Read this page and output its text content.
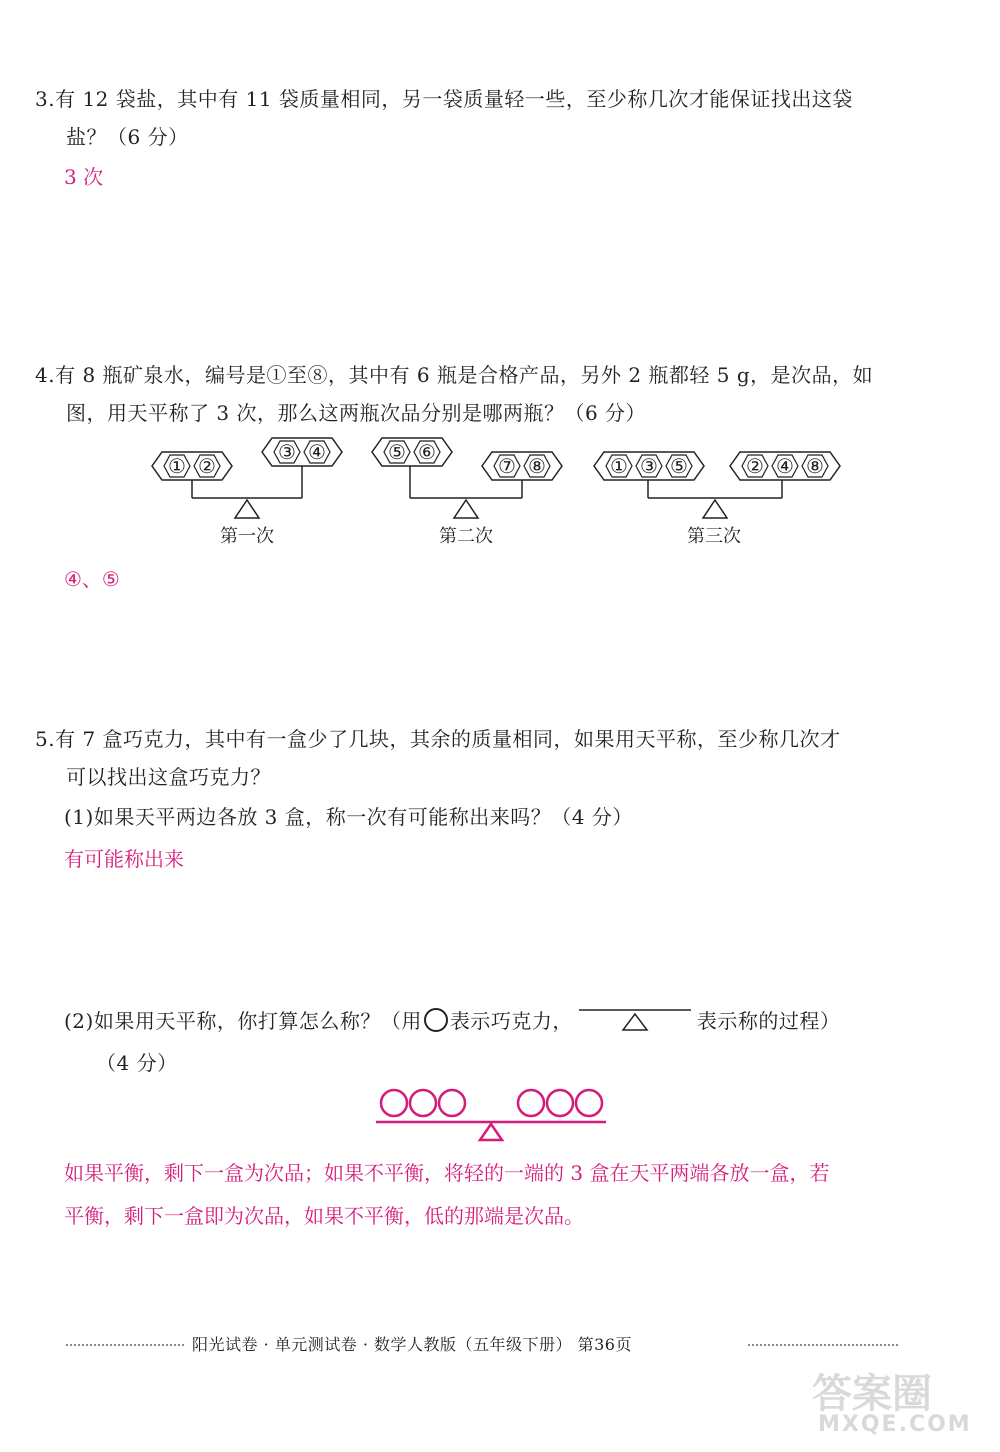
3.有 12 袋盐，其中有 11 袋质量相同，另一袋质量轻一些，至少称几次才能保证找出这袋
盐？（6 分）
3 次
4.有 8 瓶矿泉水，编号是①至⑧，其中有 6 瓶是合格产品，另外 2 瓶都轻 5 g，是次品，如
图，用天平称了 3 次，那么这两瓶次品分别是哪两瓶？（6 分）
① ②
③ ④	⑤ ⑥
⑦ ⑧	① ③ ⑤	② ④ ⑧
第一次	第二次	第三次
④、⑤
5.有 7 盒巧克力，其中有一盒少了几块，其余的质量相同，如果用天平称，至少称几次才
可以找出这盒巧克力？
(1)如果天平两边各放 3 盒，称一次有可能称出来吗？（4 分）
有可能称出来
(2)如果用天平称，你打算怎么称？（用 表示巧克力，	表示称的过程）
（4 分）
如果平衡，剩下一盒为次品；如果不平衡，将轻的一端的 3 盒在天平两端各放一盒，若
平衡，剩下一盒即为次品，如果不平衡，低的那端是次品。
阳光试卷 · 单元测试卷 · 数学人教版（五年级下册） 第36页
答案圈
MXQE.COM
